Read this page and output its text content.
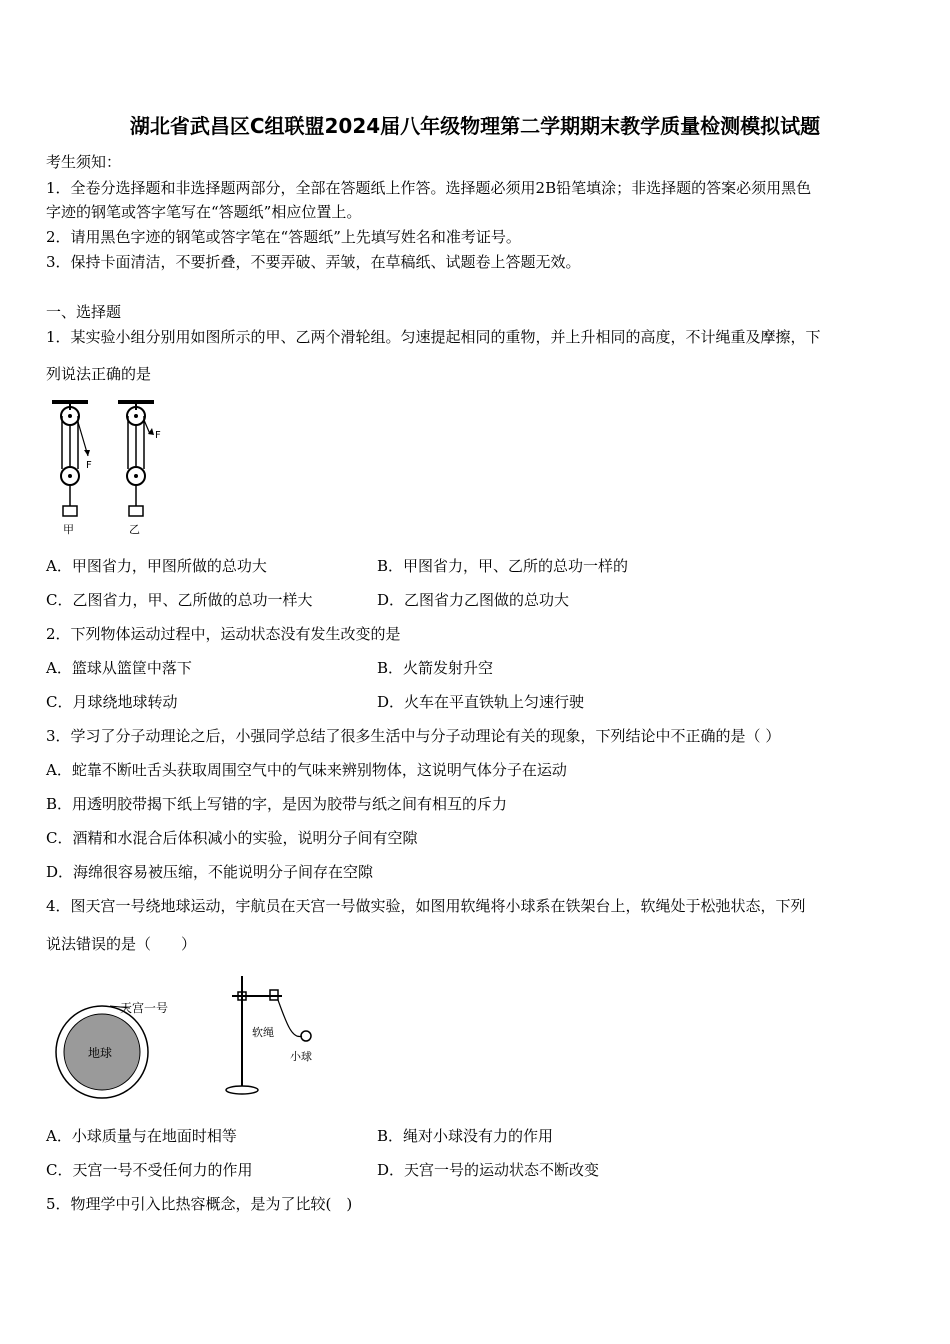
湖北省武昌区C组联盟2024届八年级物理第二学期期末教学质量检测模拟试题
考生须知：
1．全卷分选择题和非选择题两部分，全部在答题纸上作答。选择题必须用2B铅笔填涂；非选择题的答案必须用黑色
字迹的钢笔或答字笔写在“答题纸”相应位置上。
2．请用黑色字迹的钢笔或答字笔在“答题纸”上先填写姓名和准考证号。
3．保持卡面清洁，不要折叠，不要弄破、弄皱，在草稿纸、试题卷上答题无效。
一、选择题
1．某实验小组分别用如图所示的甲、乙两个滑轮组。匀速提起相同的重物，并上升相同的高度，不计绳重及摩擦，下
列说法正确的是
F
甲
F
乙
A．甲图省力，甲图所做的总功大	B．甲图省力，甲、乙所的总功一样的
C．乙图省力，甲、乙所做的总功一样大	D．乙图省力乙图做的总功大
2．下列物体运动过程中，运动状态没有发生改变的是
A．篮球从篮筐中落下	B．火箭发射升空
C．月球绕地球转动	D．火车在平直铁轨上匀速行驶
3．学习了分子动理论之后，小强同学总结了很多生活中与分子动理论有关的现象，下列结论中不正确的是（ ）
A．蛇靠不断吐舌头获取周围空气中的气味来辨别物体，这说明气体分子在运动
B．用透明胶带揭下纸上写错的字，是因为胶带与纸之间有相互的斥力
C．酒精和水混合后体积减小的实验，说明分子间有空隙
D．海绵很容易被压缩，不能说明分子间存在空隙
4．图天宫一号绕地球运动，宇航员在天宫一号做实验，如图用软绳将小球系在铁架台上，软绳处于松弛状态，下列
说法错误的是（　　）
地球
天宫一号
软绳
小球
A．小球质量与在地面时相等	B．绳对小球没有力的作用
C．天宫一号不受任何力的作用	D．天宫一号的运动状态不断改变
5．物理学中引入比热容概念，是为了比较(　)
